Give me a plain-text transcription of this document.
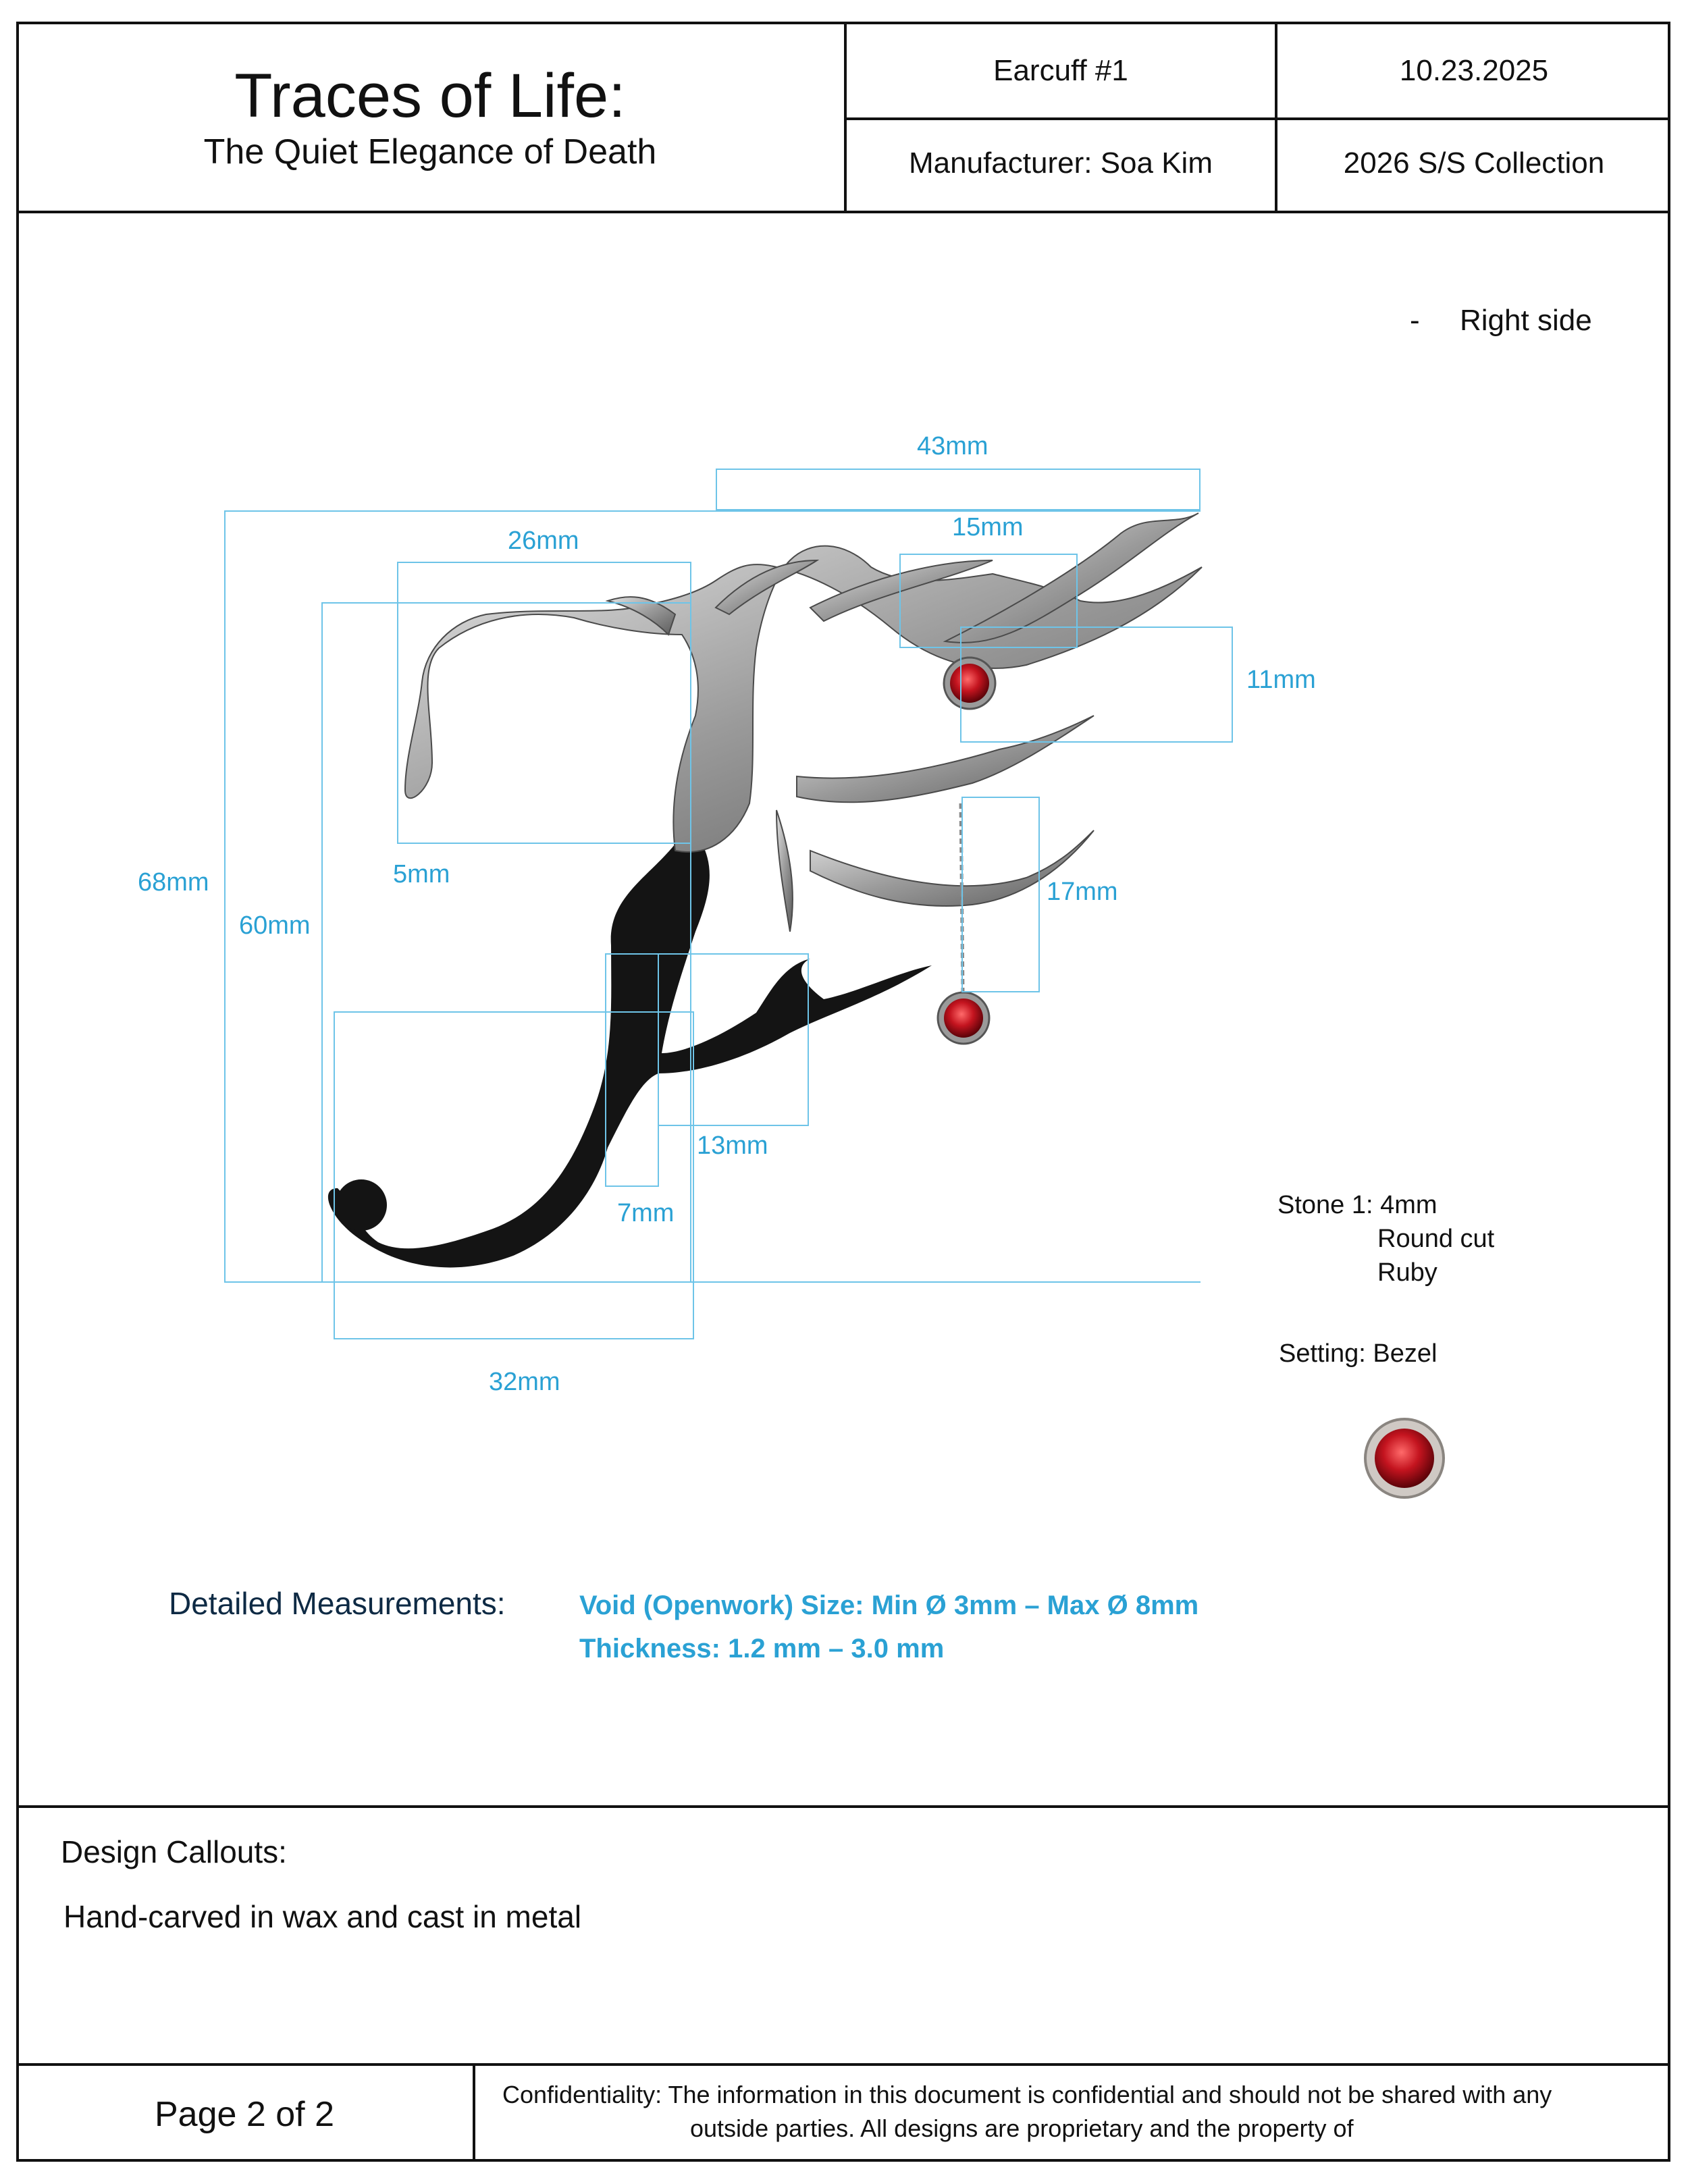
Traces of Life:
The Quiet Elegance of Death
Earcuff #1	10.23.2025
Manufacturer: Soa Kim	2026 S/S Collection
- Right side
43mm
15mm
26mm
11mm
68mm
60mm
5mm
17mm
13mm
7mm
32mm
Stone 1: 4mm
Round cut
Ruby
Setting: Bezel
Detailed Measurements:	Void (Openwork) Size: Min Ø 3mm – Max Ø 8mm
Thickness: 1.2 mm – 3.0 mm
Design Callouts:
Hand-carved in wax and cast in metal
Page 2 of 2
Confidentiality: The information in this document is confidential and should not be shared with any
outside parties. All designs are proprietary and the property of
